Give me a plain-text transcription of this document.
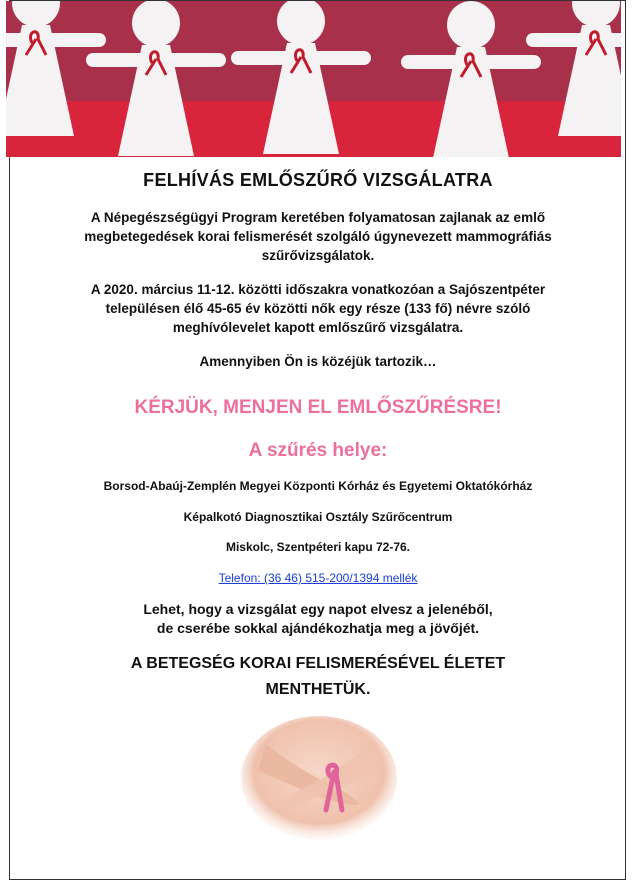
FELHÍVÁS EMLŐSZŰRŐ VIZSGÁLATRA
A Népegészségügyi Program keretében folyamatosan zajlanak az emlő
megbetegedések korai felismerését szolgáló úgynevezett mammográfiás
szűrővizsgálatok.
A 2020. március 11-12. közötti időszakra vonatkozóan a Sajószentpéter
településen élő 45-65 év közötti nők egy része (133 fő) névre szóló
meghívólevelet kapott emlőszűrő vizsgálatra.
Amennyiben Ön is közéjük tartozik…
KÉRJÜK, MENJEN EL EMLŐSZŰRÉSRE!
A szűrés helye:
Borsod-Abaúj-Zemplén Megyei Központi Kórház és Egyetemi Oktatókórház
Képalkotó Diagnosztikai Osztály Szűrőcentrum
Miskolc, Szentpéteri kapu 72-76.
Telefon: (36 46) 515-200/1394 mellék
Lehet, hogy a vizsgálat egy napot elvesz a jelenéből,
de cserébe sokkal ajándékozhatja meg a jövőjét.
A BETEGSÉG KORAI FELISMERÉSÉVEL ÉLETET
MENTHETÜK.
